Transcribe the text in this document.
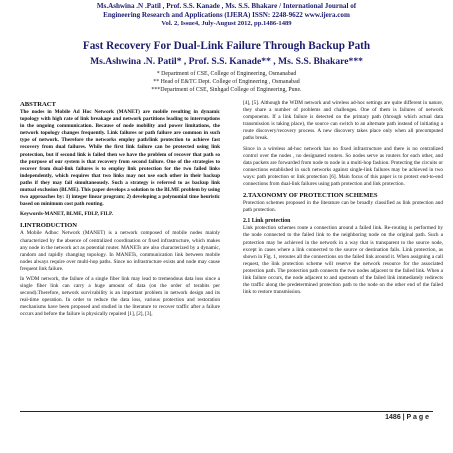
Ms.Ashwina .N .Patil , Prof. S.S. Kanade , Ms. S.S. Bhakare / International Journal of
Engineering Research and Applications (IJERA) ISSN: 2248-9622 www.ijera.com
Vol. 2, Issue4, July-August 2012, pp.1486-1489
Fast Recovery For Dual-Link Failure Through Backup Path
Ms.Ashwina .N. Patil* , Prof. S.S. Kanade** , Ms. S.S. Bhakare***
* Department of CSE, College of Engineering, Osmanabad
** Head of E&TC Dept. College of Engineering , Osmanabad
***Department of CSE, Sinhgad College of Engineering, Pune.
ABSTRACT

The nodes in Mobile Ad Hoc Network (MANET) are mobile resulting in dynamic topology with high rate of link breakage and network partitions leading to interruptions in the ongoing communication. Because of node mobility and power limitations, the network topology changes frequently. Link failures or path failure are common in such type of network. Therefore the networks employ path/link protection to achieve fast recovery from dual failures. While the first link failure can be protected using link protection, but if second link is failed then we have the problem of recover that path so the purpose of our system is that recovery from second failure. One of the strategies to recover from dual-link failures is to employ link protection for the two failed links independently, which requires that two links may not use each other in their backup paths if they may fail simultaneously. Such a strategy is referred to as backup link mutual exclusion (BLME). This paper develops a solution to the BLME problem by using two approaches by: 1) integer linear program; 2) developing a polynomial time heuristic based on minimum cost path routing.

Keywords-MANET, BLME, FDLP, FILP.

I.INTRODUCTION

A Mobile Adhoc Network (MANET) is a network composed of mobile nodes mainly characterized by the absence of centralized coordination or fixed infrastructure, which makes any node in the network act as potential router. MANETs are also characterized by a dynamic, random and rapidly changing topology. In MANETs, communication link between mobile nodes always require over multi-hop paths. Since no infrastructure exists and node may cause frequent link failure.

In WDM network, the failure of a single fiber link may lead to tremendous data loss since a single fiber link can carry a huge amount of data (on the order of terabits per second).Therefore, network survivability is an important problem in network design and its real-time operation. In order to reduce the data loss, various protection and restoration mechanisms have been proposed and studied in the literature to recover traffic after a failure occurs and before the failure is physically repaired [1], [2], [3],

[4], [5]. Although the WDM network and wireless ad-hoc settings are quite different in nature, they share a number of problems and challenges. One of them is failures of network components. If a link failure is detected on the primary path (through which actual data transmission is taking place), the source can switch to an alternate path instead of initiating a route discovery/recovery process. A new discovery takes place only when all precomputed paths break.

Since in a wireless ad-hoc network has no fixed infrastructure and there is no centralized control over the nodes , no designated routers. So nodes serve as routers for each other, and data packets are forwarded from node to node in a multi-hop fashion. Protecting the circuits or connections established in such networks against single-link failures may be achieved in two ways: path protection or link protection [6]. Main focus of this paper is to protect end-to-end connections from dual-link failures using path protection and link protection.

2.TAXONOMY OF PROTECTION SCHEMES

Protection schemes proposed in the literature can be broadly classified as link protection and path protection.

2.1 Link protection

Link protection schemes route a connection around a failed link. Re-routing is performed by the node connected to the failed link to the neighboring node on the original path. Such a protection may be achieved in the network in a way that is transparent to the source node, except in cases where a link connected to the source or destination fails. Link protection, as shown in Fig. 1, reroutes all the connections on the failed link around it. When assigning a call request, the link protection scheme will reserve the network resource for the associated protection path. The protection path connects the two nodes adjacent to the failed link. When a link failure occurs, the node adjacent to and upstream of the failed link immediately redirects the traffic along the predetermined protection path to the node on the other end of the failed link to restore transmission.

1486 | P a g e
